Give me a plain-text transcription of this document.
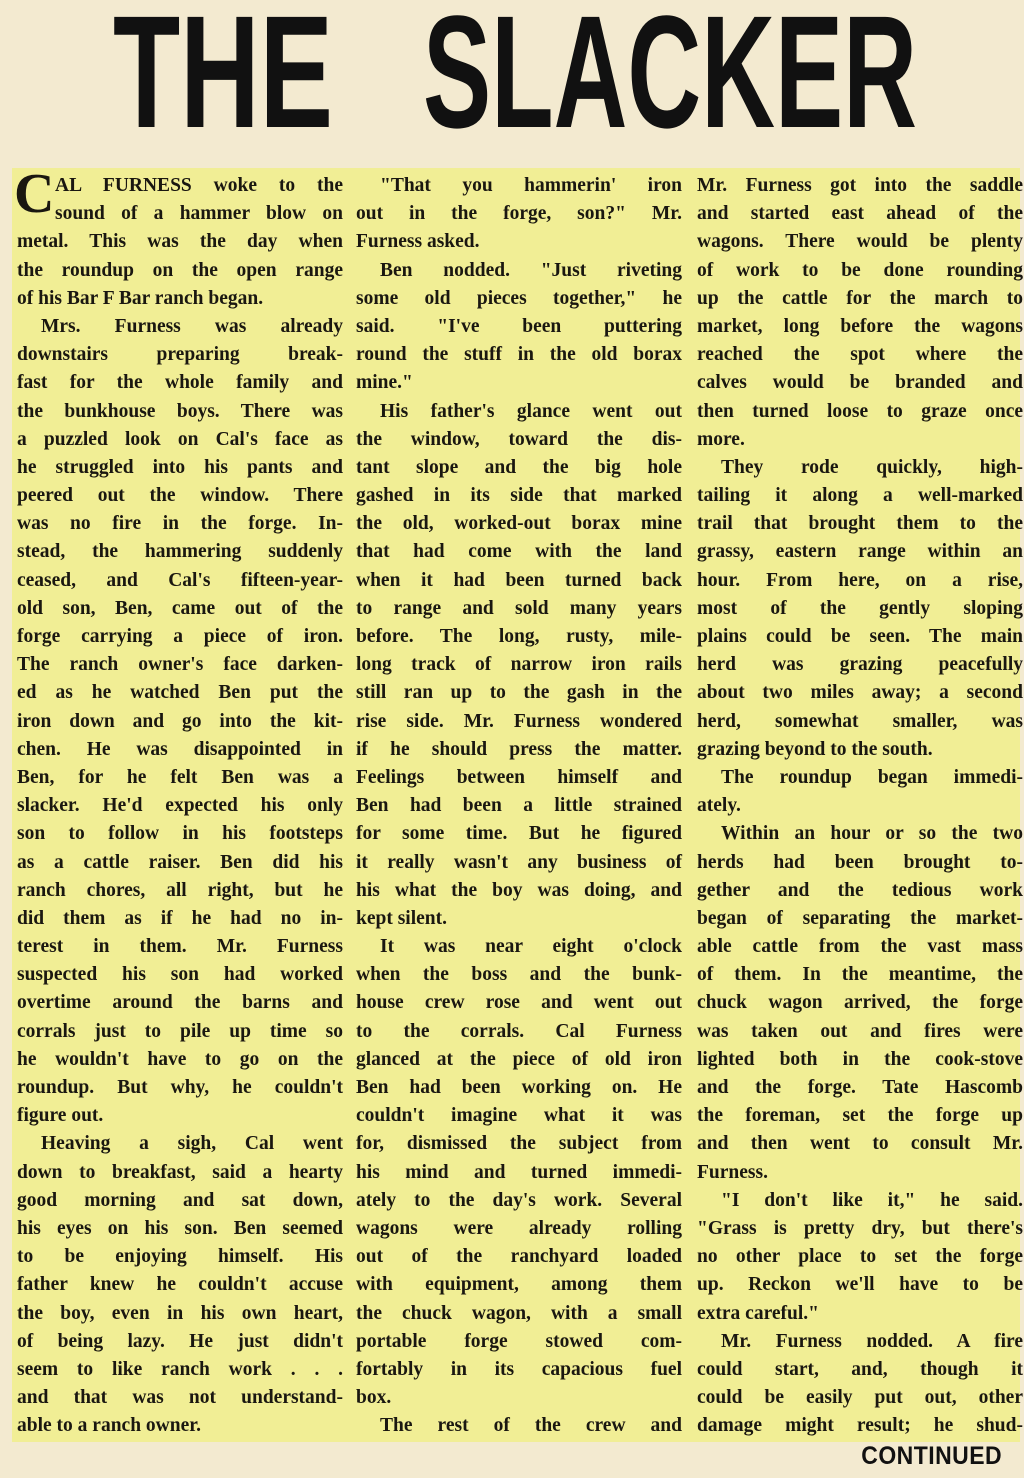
THE SLACKER
C AL FURNESS woke to the
sound of a hammer blow on
metal. This was the day when
the roundup on the open range
of his Bar F Bar ranch began.
Mrs. Furness was already
downstairs preparing break-
fast for the whole family and
the bunkhouse boys. There was
a puzzled look on Cal's face as
he struggled into his pants and
peered out the window. There
was no fire in the forge. In-
stead, the hammering suddenly
ceased, and Cal's fifteen-year-
old son, Ben, came out of the
forge carrying a piece of iron.
The ranch owner's face darken-
ed as he watched Ben put the
iron down and go into the kit-
chen. He was disappointed in
Ben, for he felt Ben was a
slacker. He'd expected his only
son to follow in his footsteps
as a cattle raiser. Ben did his
ranch chores, all right, but he
did them as if he had no in-
terest in them. Mr. Furness
suspected his son had worked
overtime around the barns and
corrals just to pile up time so
he wouldn't have to go on the
roundup. But why, he couldn't
figure out.
Heaving a sigh, Cal went
down to breakfast, said a hearty
good morning and sat down,
his eyes on his son. Ben seemed
to be enjoying himself. His
father knew he couldn't accuse
the boy, even in his own heart,
of being lazy. He just didn't
seem to like ranch work . . .
and that was not understand-
able to a ranch owner.
"That you hammerin' iron
out in the forge, son?" Mr.
Furness asked.
Ben nodded. "Just riveting
some old pieces together," he
said. "I've been puttering
round the stuff in the old borax
mine."
His father's glance went out
the window, toward the dis-
tant slope and the big hole
gashed in its side that marked
the old, worked-out borax mine
that had come with the land
when it had been turned back
to range and sold many years
before. The long, rusty, mile-
long track of narrow iron rails
still ran up to the gash in the
rise side. Mr. Furness wondered
if he should press the matter.
Feelings between himself and
Ben had been a little strained
for some time. But he figured
it really wasn't any business of
his what the boy was doing, and
kept silent.
It was near eight o'clock
when the boss and the bunk-
house crew rose and went out
to the corrals. Cal Furness
glanced at the piece of old iron
Ben had been working on. He
couldn't imagine what it was
for, dismissed the subject from
his mind and turned immedi-
ately to the day's work. Several
wagons were already rolling
out of the ranchyard loaded
with equipment, among them
the chuck wagon, with a small
portable forge stowed com-
fortably in its capacious fuel
box.
The rest of the crew and
Mr. Furness got into the saddle
and started east ahead of the
wagons. There would be plenty
of work to be done rounding
up the cattle for the march to
market, long before the wagons
reached the spot where the
calves would be branded and
then turned loose to graze once
more.
They rode quickly, high-
tailing it along a well-marked
trail that brought them to the
grassy, eastern range within an
hour. From here, on a rise,
most of the gently sloping
plains could be seen. The main
herd was grazing peacefully
about two miles away; a second
herd, somewhat smaller, was
grazing beyond to the south.
The roundup began immedi-
ately.
Within an hour or so the two
herds had been brought to-
gether and the tedious work
began of separating the market-
able cattle from the vast mass
of them. In the meantime, the
chuck wagon arrived, the forge
was taken out and fires were
lighted both in the cook-stove
and the forge. Tate Hascomb
the foreman, set the forge up
and then went to consult Mr.
Furness.
"I don't like it," he said.
"Grass is pretty dry, but there's
no other place to set the forge
up. Reckon we'll have to be
extra careful."
Mr. Furness nodded. A fire
could start, and, though it
could be easily put out, other
damage might result; he shud-
CONTINUED
